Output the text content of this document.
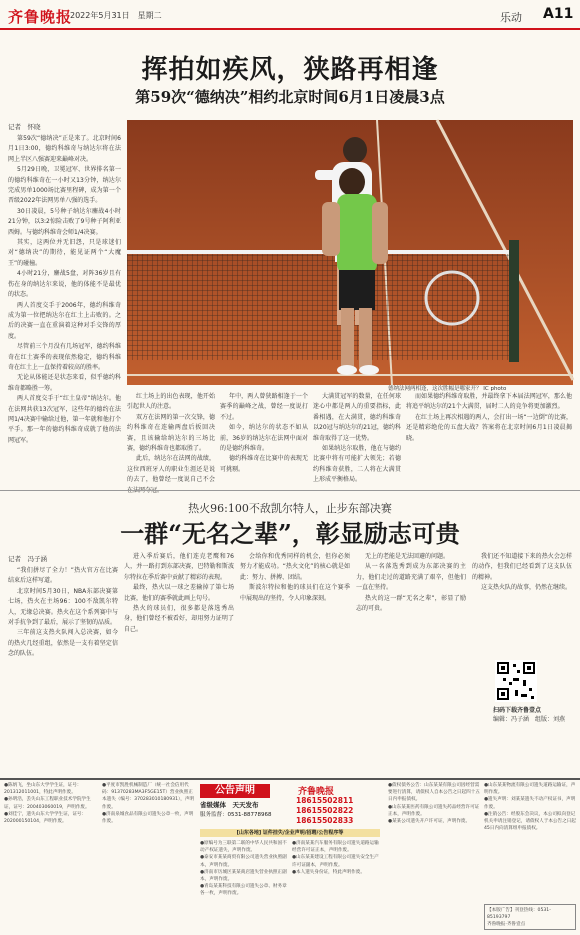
齐鲁晚报
2022年5月31日　星期二	乐动 A11
挥拍如疾风，狭路再相逢
第59次“德纳决”相约北京时间6月1日凌晨3点
记者　怀晓

第59次“德纳决”正是来了。北京时间6月1日3:00，德约科维奇与纳达尔将在法网上半区八强赛迎来巅峰对决。

5月29日晚，卫冕冠军、世界排名第一的德约科维奇在一小时又13分钟，纳达尔完成男单1000场比赛里程碑，成为第一个晋级2022年法网男单八强的选手。

30日凌晨，5号种子纳达尔鏖战4小时21分钟，以3:2惊险击败了9号种子阿利亚西姆。与德约科维奇会师1/4决赛。

其实，这两位并无旧怨，只是球迷们对“德纳决”的期待，能见证两个“大魔王”的碰撞。

4小时21分，鏖战5盘，对阵36岁且有伤在身的纳达尔来说，他的体能不是最优的状态。

两人首度交手于2006年，德约科维奇成为第一位把纳达尔在红土上击败的。之后的决赛一直在重演着这种对手交锋的厚度。

尽管前三个月没有几场冠军，德约科维奇在红土赛季的表现依然稳定，德约科维奇在红土上一直保持着较高的胜率。

无论从体能还是状态来看，似乎德约科维奇都略胜一筹。

两人首度交手于“红土皇帝”纳达尔。他在法网共获13次冠军，这些年的德约在法网1/4决赛中输给过他，第一年就和他打个平手。那一年的德约科维奇成就了他的法网冠军。

德纳法网两相逢，这次胜幅是哪家开？ IC photo

红土场上的出色表现，他开始引起世人的注意。

双方在法网的第一次交锋，德约科维奇在连输两盘后扳回决赛，且该输给纳达尔的三场比赛，德约科维奇也都取胜了。

此后，纳达尔在法网的战绩，这位西班牙人的职业生涯还是说的去了，他曾经一度说自己不会

年中，两人曾狭路相逢于一个赛季的巅峰之战，曾经一度说打不过。

如今，纳达尔的状态不如从前，36岁的纳达尔在法网中面对的是德约科维奇。

德约科维奇在比赛中的表现无可挑剔。

大满贯冠军的数量，在任何球迷心中都是两人的重要指标，此番相遇，在大满贯，德约科维奇以20冠与纳达尔的21冠，德约科维奇取得了这一优势。

如果纳达尔取胜，他在与德约比赛中将有可能扩大领先；若德约科维奇获胜，二人将在大满贯上形成平衡格局。

而如果德约科维奇取胜，并最终拿下本届法网冠军，那么他将追平纳达尔的21个大满贯，届时二人的竞争将更加激烈。

在红土场上再次相遇的两人，会打出一场“一边倒”的比赛，还是精彩绝伦的五盘大战？答案将在北京时间6月1日凌晨揭晓。

热火96:100不敌凯尔特人，止步东部决赛
一群“无名之辈”，彰显励志可贵
记者　冯子涵

“我们拼尽了全力！”热火官方在比赛结束后这样写道。

北京时间5月30日，NBA东部决赛第七场，热火在主场96：100不敌凯尔特人，无缘总决赛。热火在这个系列赛中与对手抗争到了最后，展示了坚韧的品质。

三年前这支热火队闯入总决赛，如今的热火几经重组，依然是一支有着坚定信念的队伍。

进入季后赛后，他们连克老鹰和76人，并一路打到东部决赛，巴特勒和斯波尔特拉在季后赛中贡献了精彩的表现。

最终，热火以一球之差输掉了第七场比赛，他们的赛季就此画上句号。

热火的球员们，很多都是落选秀出身，他们曾经不被看好，却用努力证明了自己。

会给你和优秀同样的机会，但你必须努力才能成功。“热火文化”的核心就是如此：努力、拼搏、团结。

斯波尔特拉和他的球员们在这个赛季中展现出的坚持，令人印象深刻。

无上的老能是无法回避的问题。

从一名落选秀到成为东部决赛的主力，他们走过的道路充满了艰辛，但他们一直在坚持。

热火的这一群“无名之辈”，彰显了励志的可贵。

我们还不知道接下来的热火会怎样的动作，但我们已经看到了这支队伍的精神。

这支热火队的故事，仍然在继续。

扫码下载齐鲁壹点
编辑：冯子涵　组版：刘燕
●陈炳飞，坐山东大学学生证，证号：201312011001，特此声明作废。
●孙明浩，丢失山东工程职业技术学院学生证，证号：200403060019，声明作废。
●刘佳宁，遗失山东大学学生证，证号：202000150104，声明作废。
●平度市凯胜机械制造厂（统一社会信用代码：91370283MA3F5GE15T）营业执照正本遗失（编号：370283010180931），声明作废。
●济南泉城食品有限公司遗失公章一枚，声明作废。
公告声明
省级媒体　天天发布
服务监督：0531-88778968
齐鲁晚报
18615502811
18615502822
18615502833
[山东各地] 证件挂失/企业声明/招聘/公告程序等
●原编号为三联第二联的中华人民共和国不动产权证遗失，声明作废。
●泰安市某某商贸有限公司遗失营业执照副本，声明作废。
●济南市历城区某某商店遗失营业执照正副本，声明作废。
●青岛某某科技有限公司遗失公章、财务章各一枚，声明作废。
●济南某某汽车服务有限公司遗失道路运输经营许可证正本，声明作废。
●山东某某建设工程有限公司遗失安全生产许可证副本，声明作废。
●本人遗失身份证，特此声明作废。
●债权债务公告：山东某某有限公司因经营需要进行清算，请债权人自本公告之日起四十五日内申报债权。
●山东某某医药有限公司遗失药品经营许可证正本，声明作废。
●某某公司遗失开户许可证，声明作废。
●山东某某物流有限公司遗失道路运输证，声明作废。
●遗失声明：刘某某遗失不动产权证书，声明作废。
●注销公告：经股东会决议，本公司拟向登记机关申请注销登记，请债权人于本公告之日起45日内向清算组申报债权。
【本版广告】刊登热线：0531-85193797
齐鲁晚报·齐鲁壹点
